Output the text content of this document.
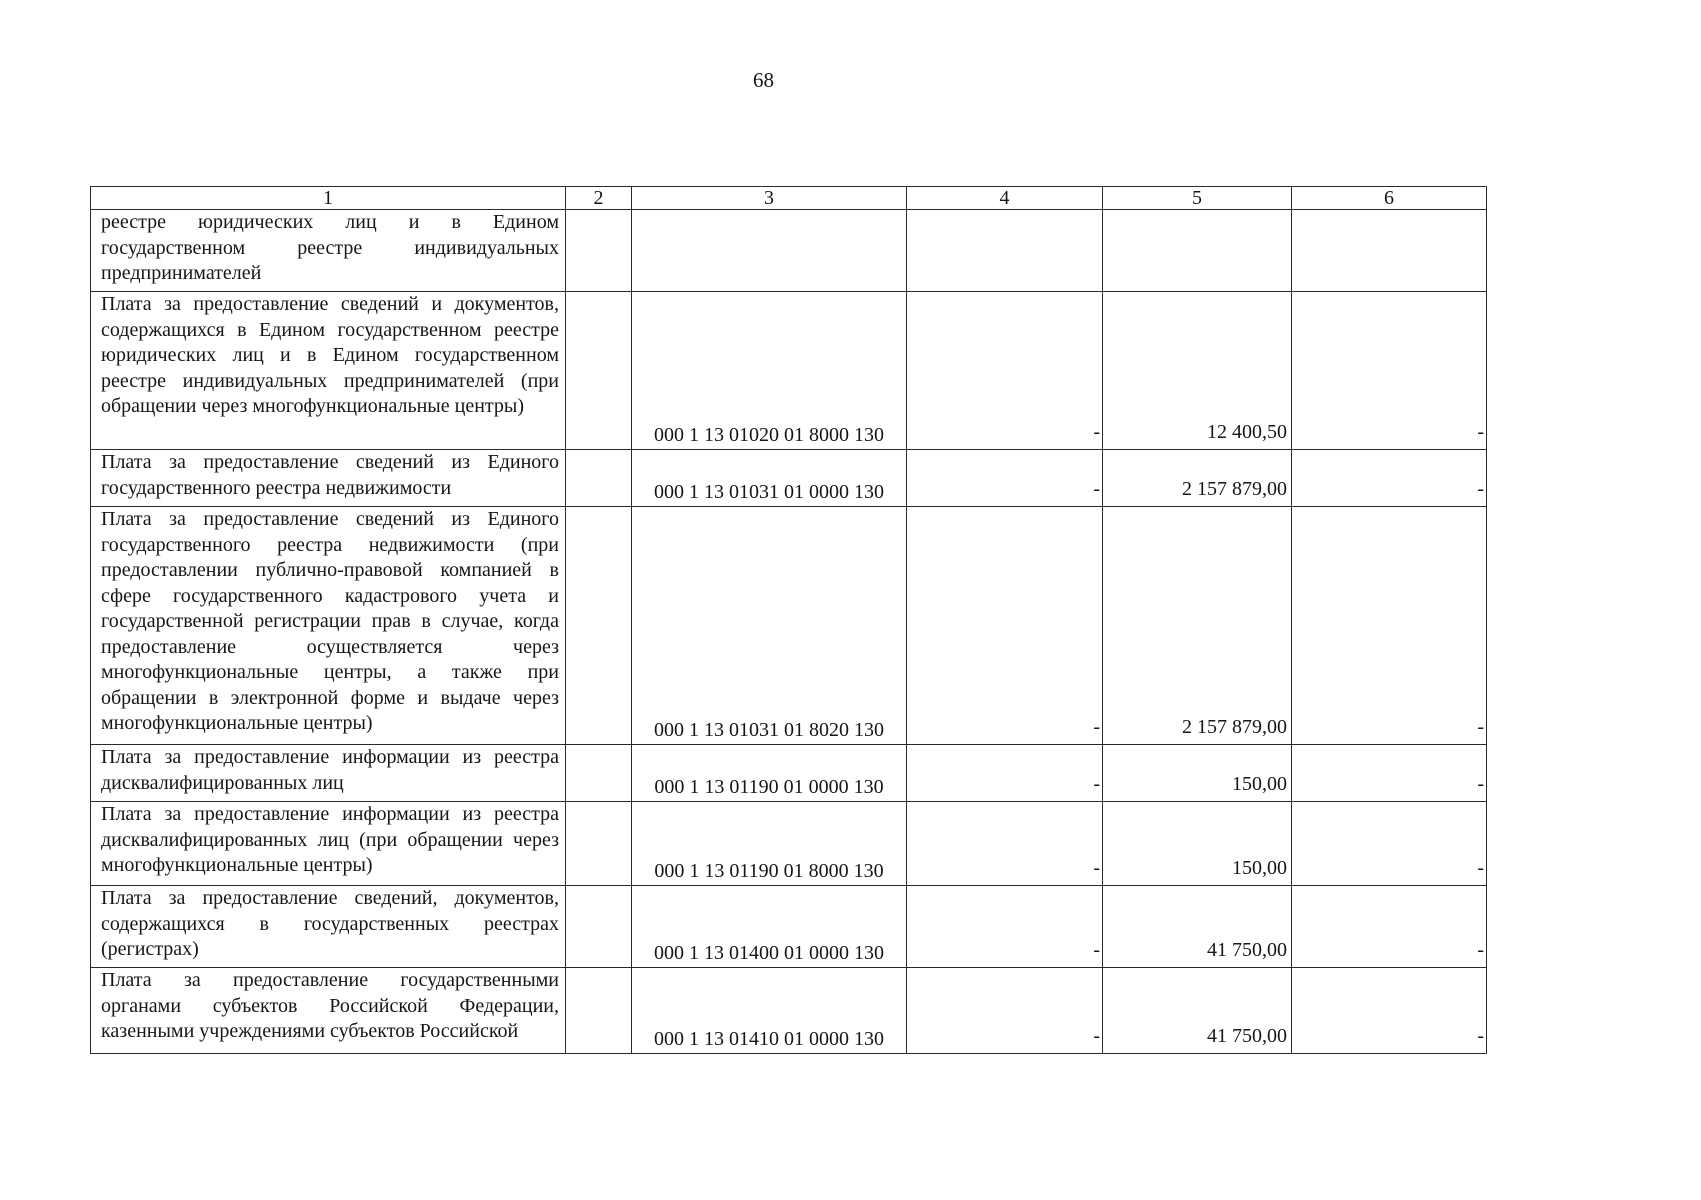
68
1	2	3	4	5	6
реестре юридических лиц и в Едином государственном реестре индивидуальных предпринимателей					
Плата за предоставление сведений и документов, содержащихся в Едином государственном реестре юридических лиц и в Едином государственном реестре индивидуальных предпринимателей (при обращении через многофункциональные центры)		000 1 13 01020 01 8000 130	-	12 400,50	-
Плата за предоставление сведений из Единого государственного реестра недвижимости		000 1 13 01031 01 0000 130	-	2 157 879,00	-
Плата за предоставление сведений из Единого государственного реестра недвижимости (при предоставлении публично-правовой компанией в сфере государственного кадастрового учета и государственной регистрации прав в случае, когда предоставление осуществляется через многофункциональные центры, а также при обращении в электронной форме и выдаче через многофункциональные центры)		000 1 13 01031 01 8020 130	-	2 157 879,00	-
Плата за предоставление информации из реестра дисквалифицированных лиц		000 1 13 01190 01 0000 130	-	150,00	-
Плата за предоставление информации из реестра дисквалифицированных лиц (при обращении через многофункциональные центры)		000 1 13 01190 01 8000 130	-	150,00	-
Плата за предоставление сведений, документов, содержащихся в государственных реестрах (регистрах)		000 1 13 01400 01 0000 130	-	41 750,00	-
Плата за предоставление государственными органами субъектов Российской Федерации, казенными учреждениями субъектов Российской		000 1 13 01410 01 0000 130	-	41 750,00	-
